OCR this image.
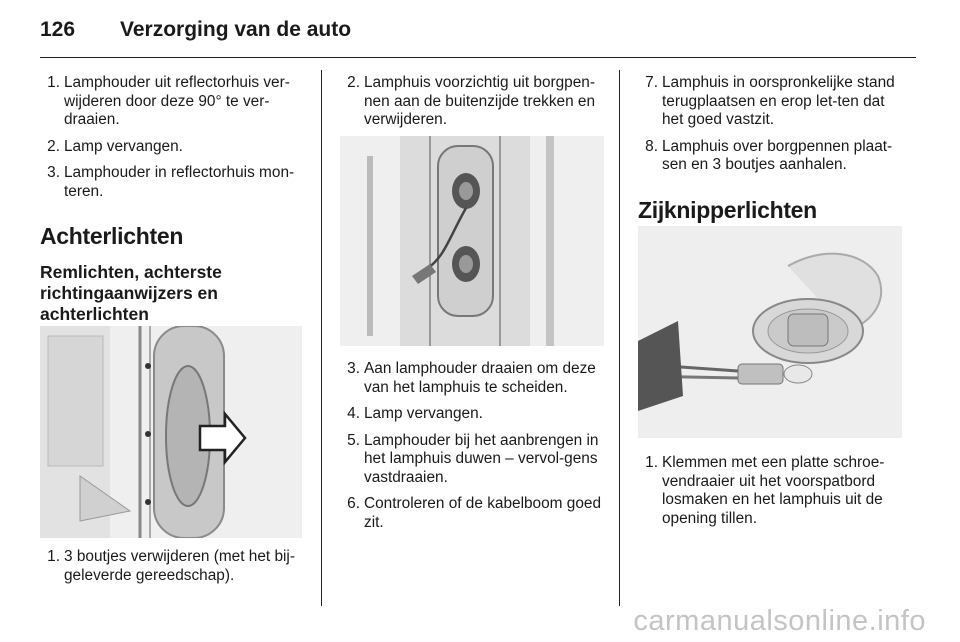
126 Verzorging van de auto
1 . Lamphouder uit reflectorhuis ver-wijderen door deze 90° te ver-draaien.
2 . Lamp vervangen.
3 . Lamphouder in reflectorhuis mon-teren.
Achterlichten
Remlichten, achterste richtingaanwijzers en achterlichten
1 . 3 boutjes verwijderen (met het bij-geleverde gereedschap).
2 . Lamphuis voorzichtig uit borgpen-nen aan de buitenzijde trekken en verwijderen.
3 . Aan lamphouder draaien om deze van het lamphuis te scheiden.
4 . Lamp vervangen.
5 . Lamphouder bij het aanbrengen in het lamphuis duwen – vervol-gens vastdraaien.
6 . Controleren of de kabelboom goed zit.
7 . Lamphuis in oorspronkelijke stand terugplaatsen en erop let-ten dat het goed vastzit.
8 . Lamphuis over borgpennen plaat-sen en 3 boutjes aanhalen.
Zijknipperlichten
1 . Klemmen met een platte schroe-vendraaier uit het voorspatbord losmaken en het lamphuis uit de opening tillen.
carmanualsonline.info
